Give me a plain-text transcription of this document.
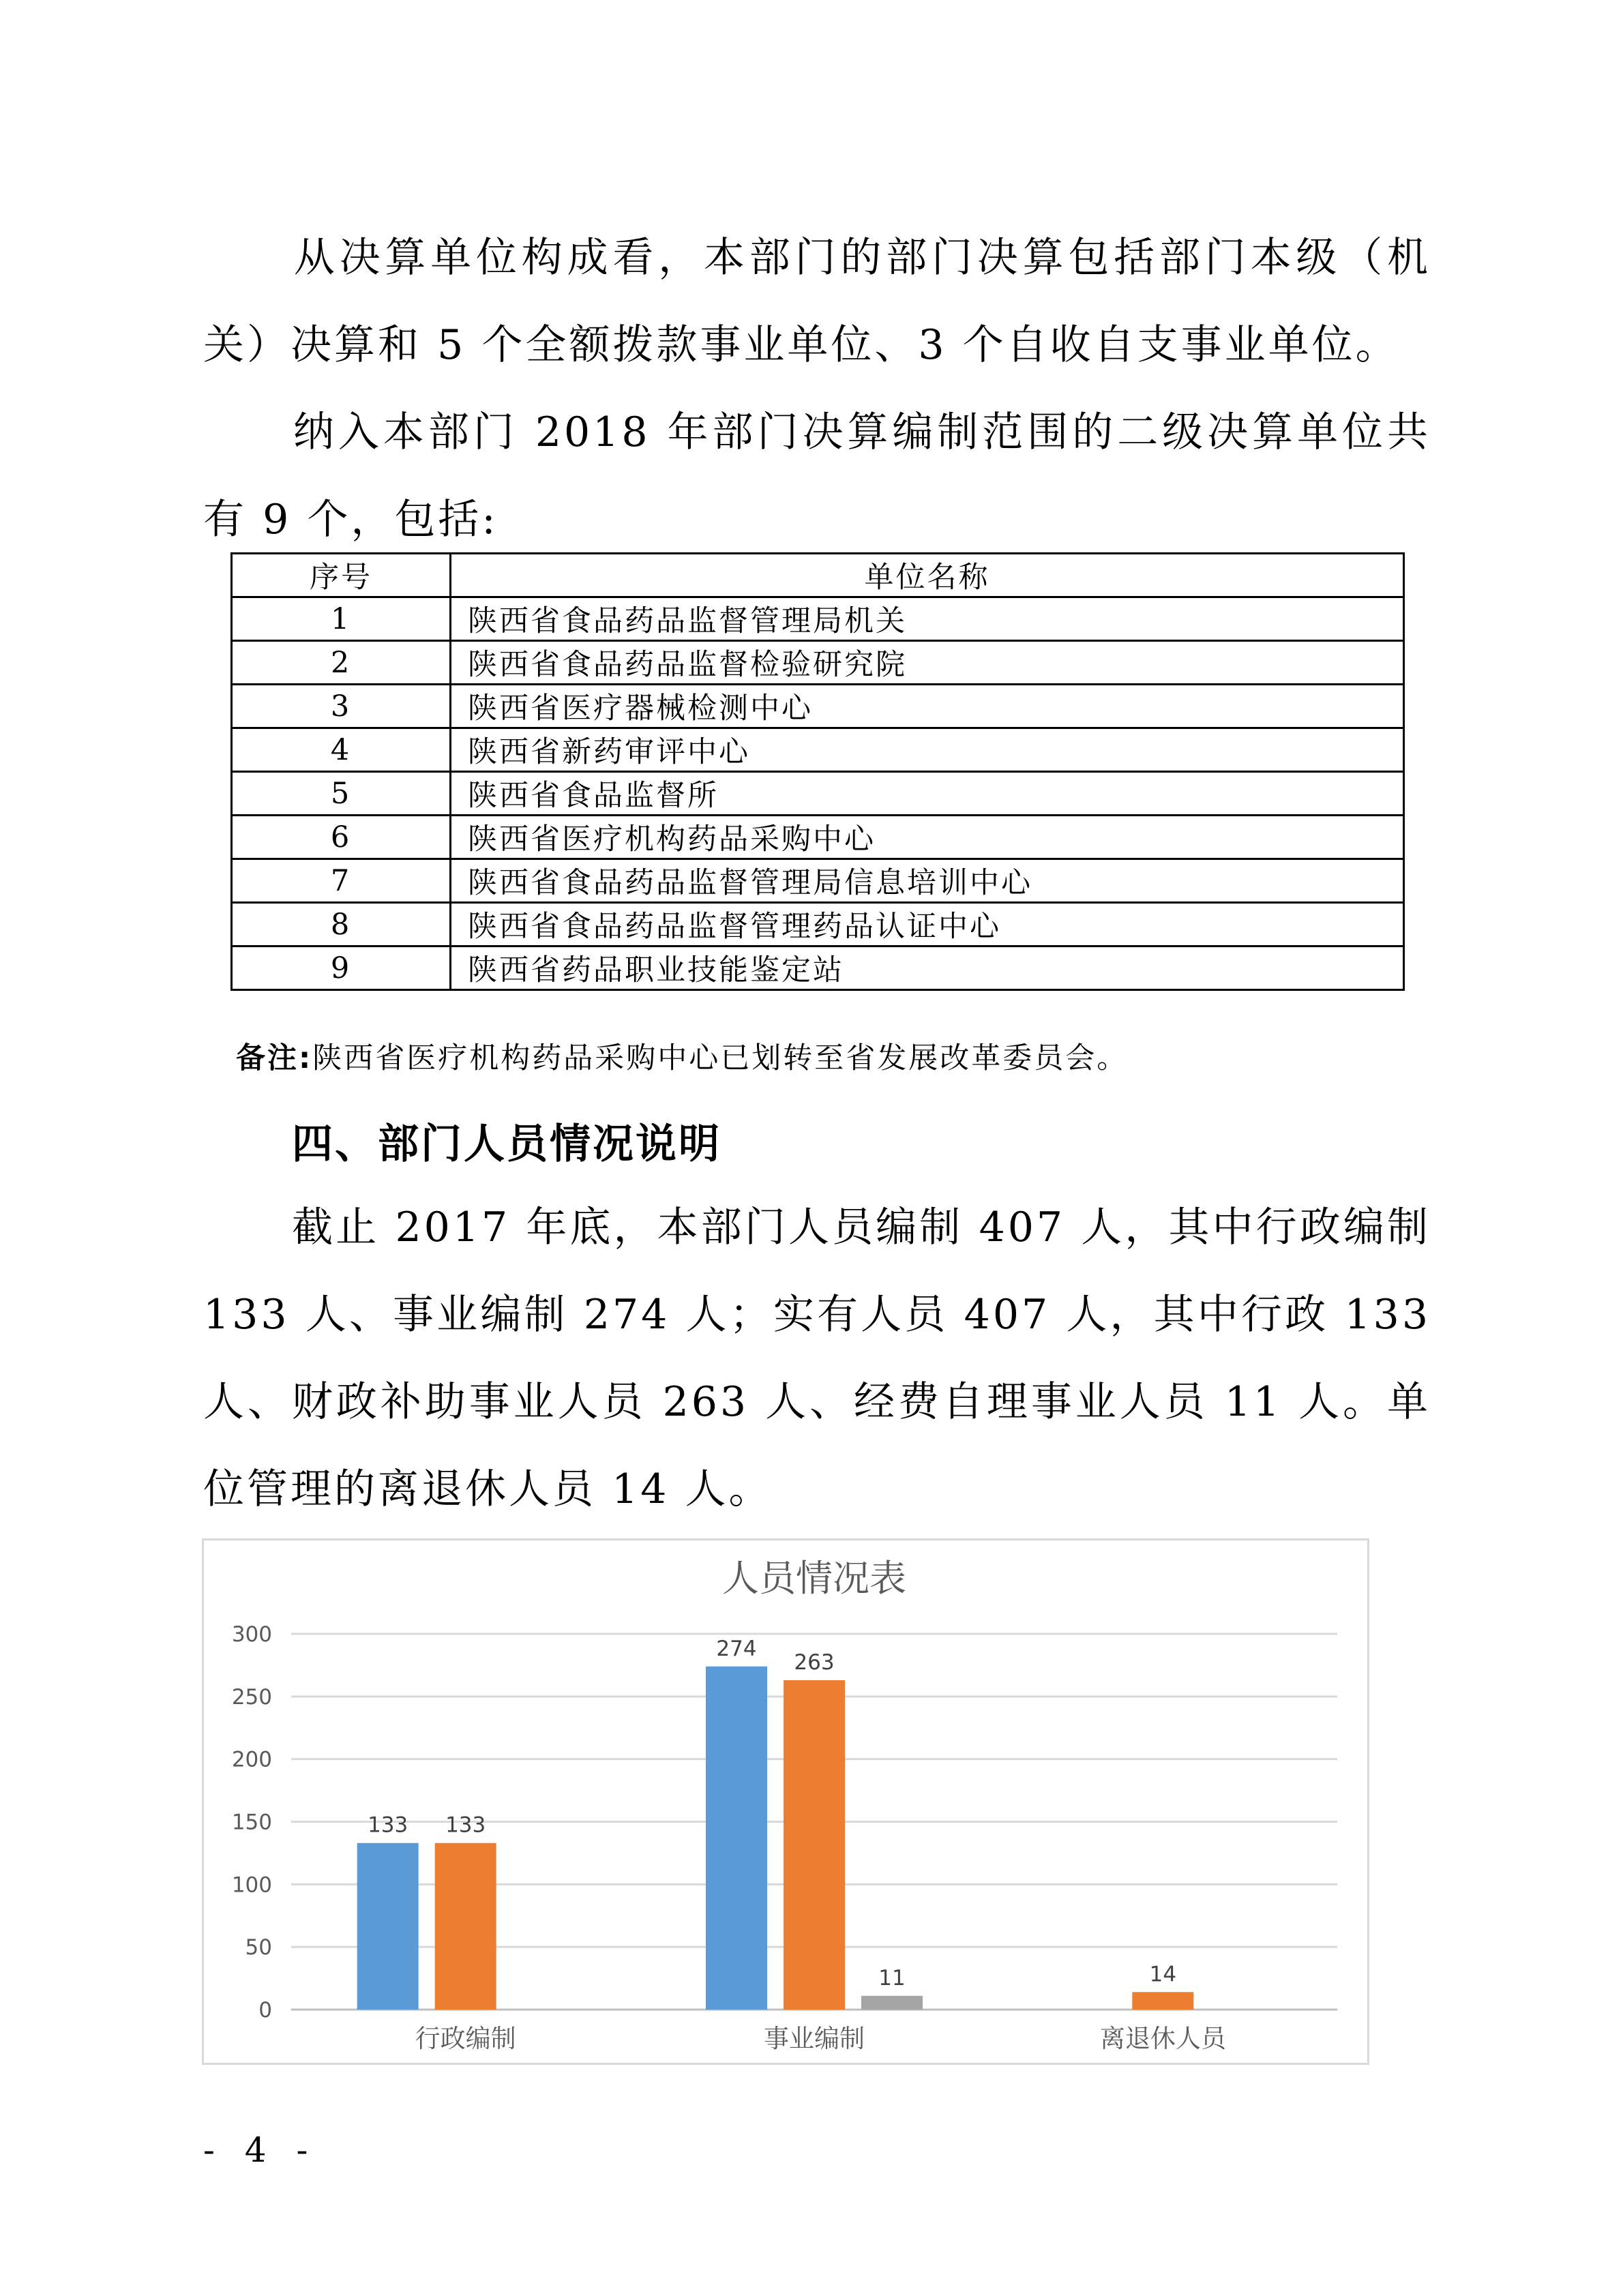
从决算单位构成看，本部门的部门决算包括部门本级（机关）决算和 5 个全额拨款事业单位、3 个自收自支事业单位。

纳入本部门 2018 年部门决算编制范围的二级决算单位共有 9 个，包括:

序号	单位名称
1	陕西省食品药品监督管理局机关
2	陕西省食品药品监督检验研究院
3	陕西省医疗器械检测中心
4	陕西省新药审评中心
5	陕西省食品监督所
6	陕西省医疗机构药品采购中心
7	陕西省食品药品监督管理局信息培训中心
8	陕西省食品药品监督管理药品认证中心
9	陕西省药品职业技能鉴定站

备注:陕西省医疗机构药品采购中心已划转至省发展改革委员会。

四、部门人员情况说明

截止 2017 年底，本部门人员编制 407 人，其中行政编制 133 人、事业编制 274 人；实有人员 407 人，其中行政 133 人、财政补助事业人员 263 人、经费自理事业人员 11 人。单位管理的离退休人员 14 人。

人员情况表
0
50
100
150
200
250
300
133 133
行政编制
274
263
11
事业编制
14
离退休人员

- 4 -
